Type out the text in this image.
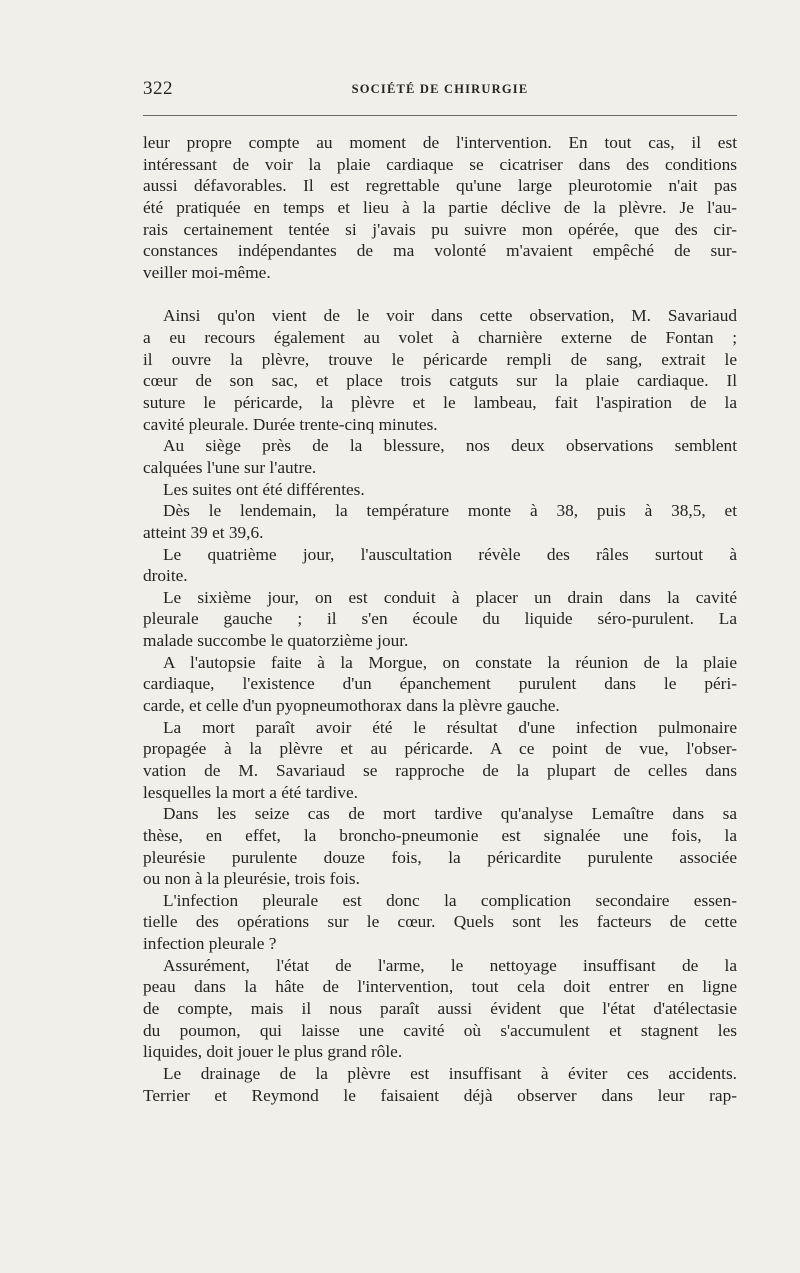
322	SOCIÉTÉ DE CHIRURGIE
leur propre compte au moment de l'intervention. En tout cas, il est
intéressant de voir la plaie cardiaque se cicatriser dans des conditions
aussi défavorables. Il est regrettable qu'une large pleurotomie n'ait pas
été pratiquée en temps et lieu à la partie déclive de la plèvre. Je l'au-
rais certainement tentée si j'avais pu suivre mon opérée, que des cir-
constances indépendantes de ma volonté m'avaient empêché de sur-
veiller moi-même.
Ainsi qu'on vient de le voir dans cette observation, M. Savariaud
a eu recours également au volet à charnière externe de Fontan ;
il ouvre la plèvre, trouve le péricarde rempli de sang, extrait le
cœur de son sac, et place trois catguts sur la plaie cardiaque. Il
suture le péricarde, la plèvre et le lambeau, fait l'aspiration de la
cavité pleurale. Durée trente-cinq minutes.
Au siège près de la blessure, nos deux observations semblent
calquées l'une sur l'autre.
Les suites ont été différentes.
Dès le lendemain, la température monte à 38, puis à 38,5, et
atteint 39 et 39,6.
Le quatrième jour, l'auscultation révèle des râles surtout à
droite.
Le sixième jour, on est conduit à placer un drain dans la cavité
pleurale gauche ; il s'en écoule du liquide séro-purulent. La
malade succombe le quatorzième jour.
A l'autopsie faite à la Morgue, on constate la réunion de la plaie
cardiaque, l'existence d'un épanchement purulent dans le péri-
carde, et celle d'un pyopneumothorax dans la plèvre gauche.
La mort paraît avoir été le résultat d'une infection pulmonaire
propagée à la plèvre et au péricarde. A ce point de vue, l'obser-
vation de M. Savariaud se rapproche de la plupart de celles dans
lesquelles la mort a été tardive.
Dans les seize cas de mort tardive qu'analyse Lemaître dans sa
thèse, en effet, la broncho-pneumonie est signalée une fois, la
pleurésie purulente douze fois, la péricardite purulente associée
ou non à la pleurésie, trois fois.
L'infection pleurale est donc la complication secondaire essen-
tielle des opérations sur le cœur. Quels sont les facteurs de cette
infection pleurale ?
Assurément, l'état de l'arme, le nettoyage insuffisant de la
peau dans la hâte de l'intervention, tout cela doit entrer en ligne
de compte, mais il nous paraît aussi évident que l'état d'atélectasie
du poumon, qui laisse une cavité où s'accumulent et stagnent les
liquides, doit jouer le plus grand rôle.
Le drainage de la plèvre est insuffisant à éviter ces accidents.
Terrier et Reymond le faisaient déjà observer dans leur rap-
